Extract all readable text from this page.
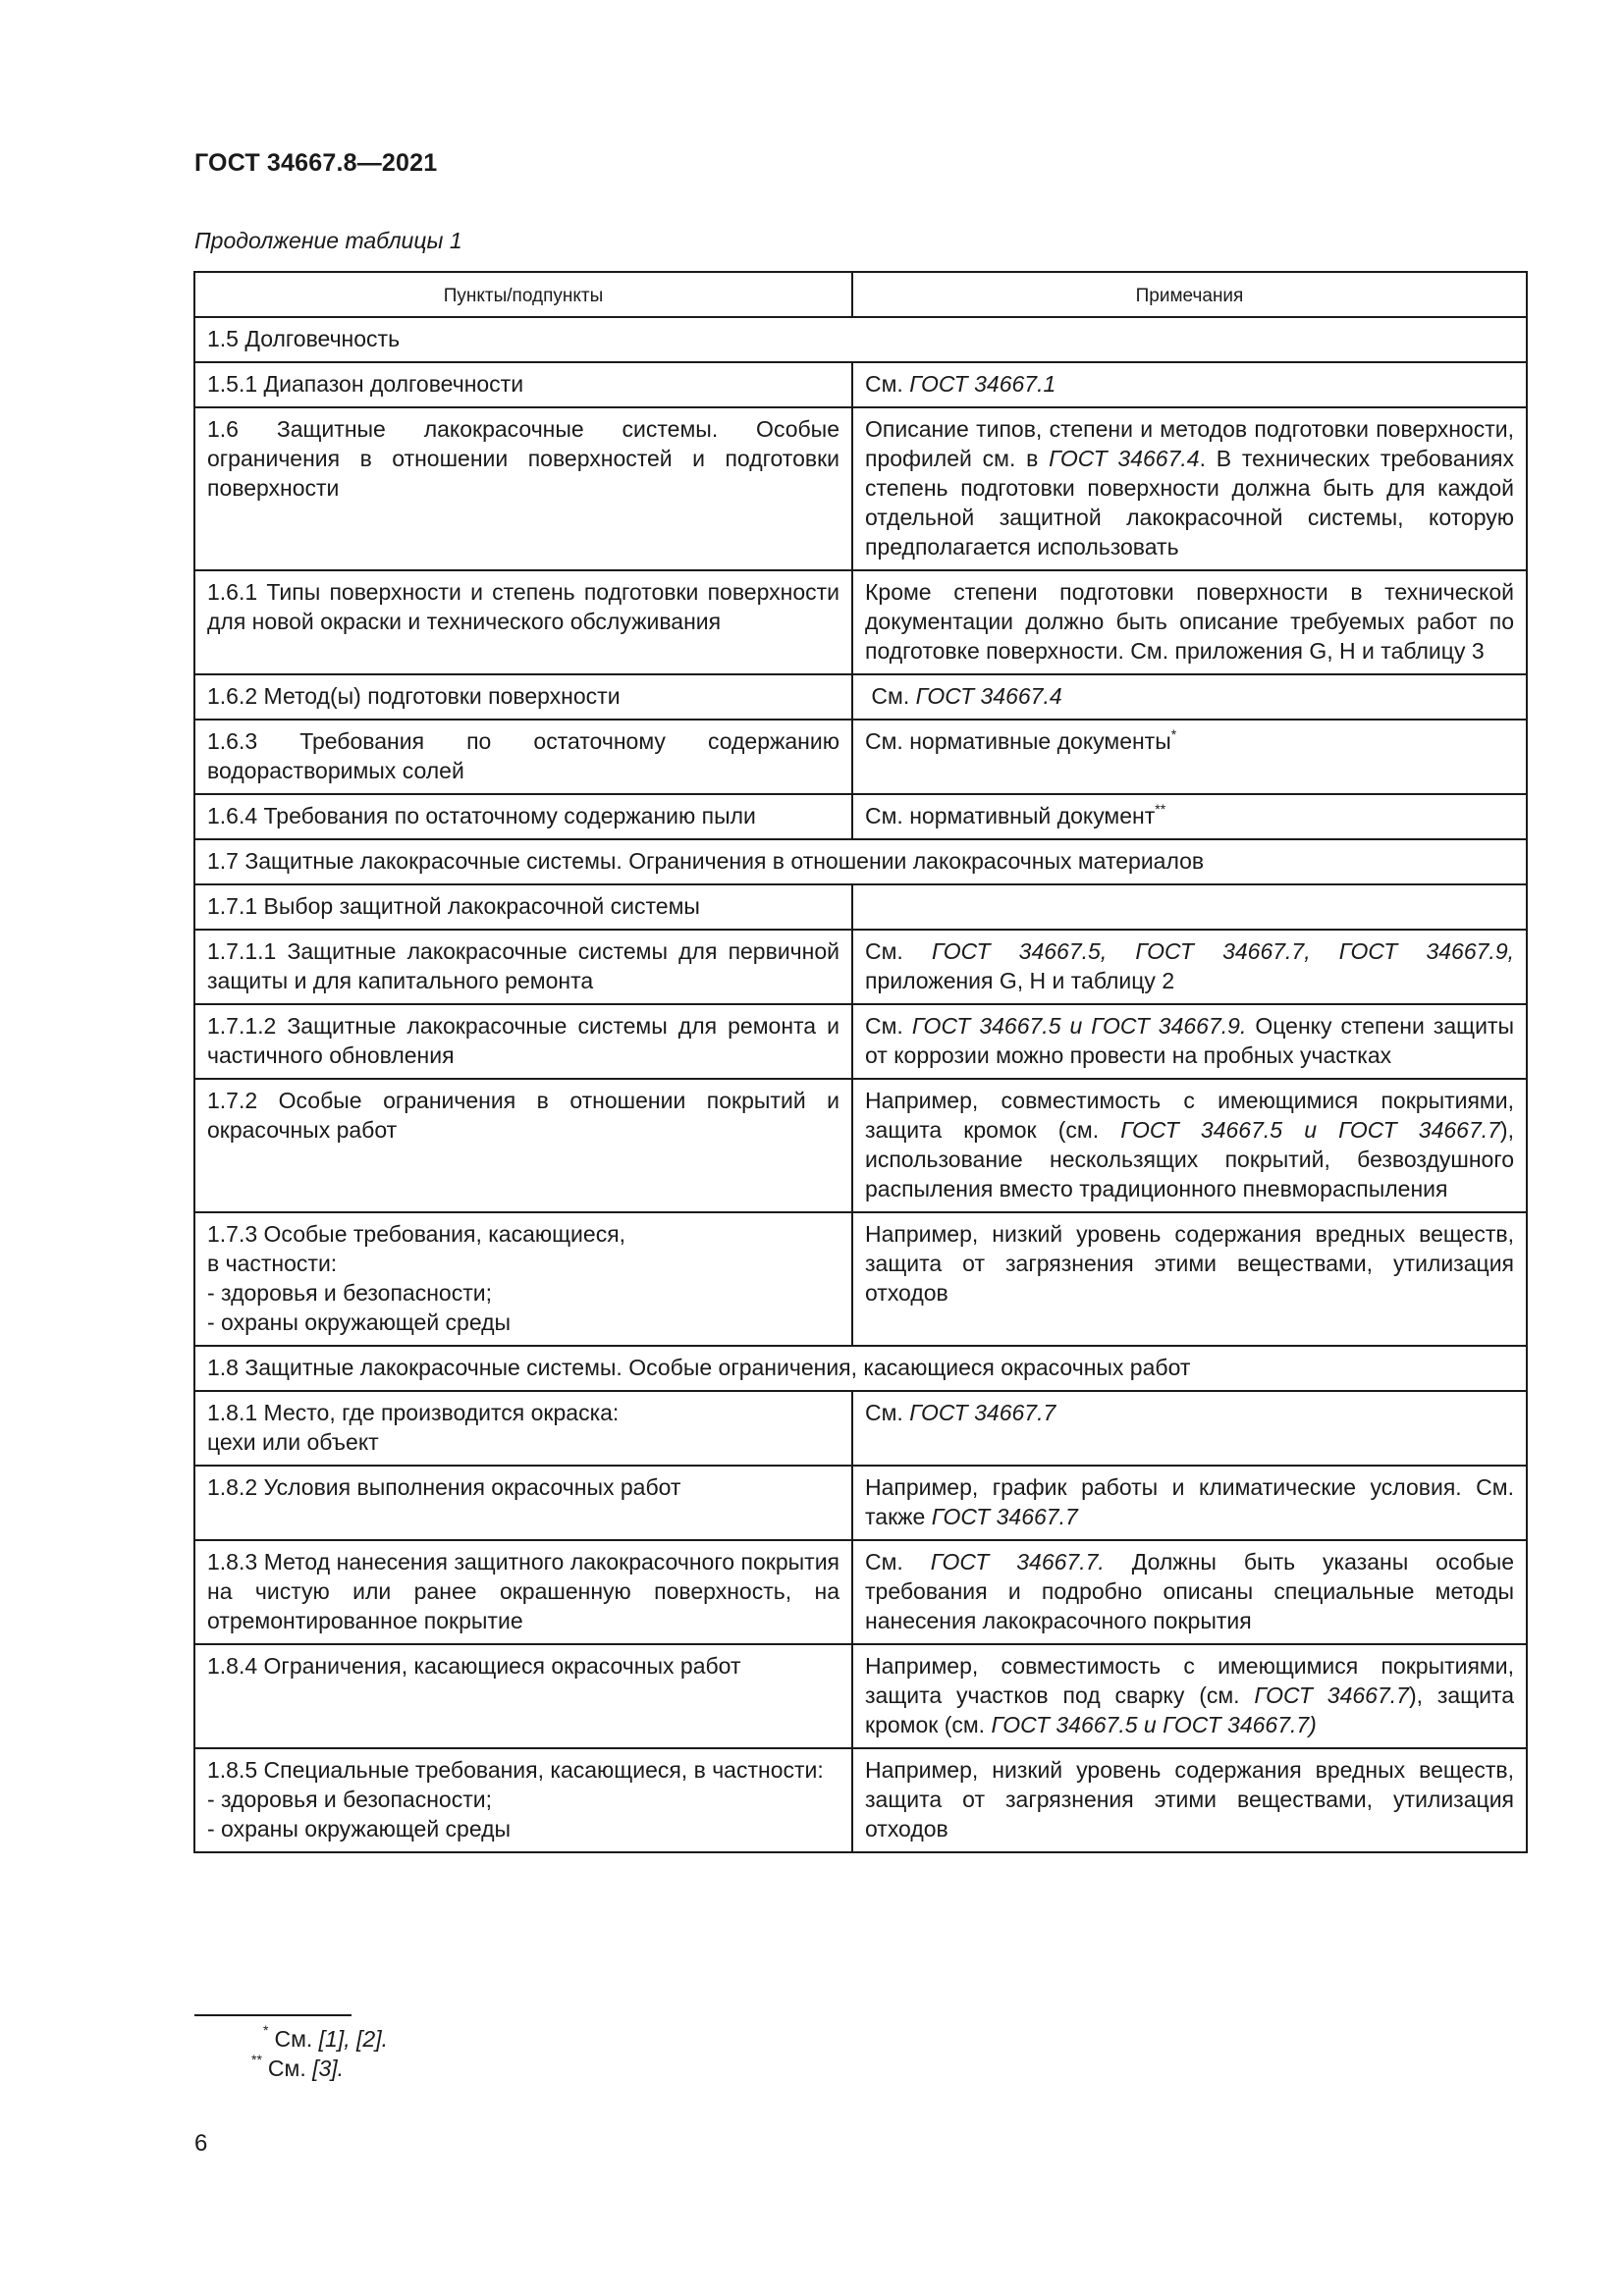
ГОСТ 34667.8—2021
Продолжение таблицы 1
Пункты/подпункты	Примечания
1.5 Долговечность	
1.5.1 Диапазон долговечности	См. ГОСТ 34667.1
1.6 Защитные лакокрасочные системы. Особые ограничения в отношении поверхностей и подготовки поверхности	Описание типов, степени и методов подготовки поверхности, профилей см. в ГОСТ 34667.4. В технических требованиях степень подготовки поверхности должна быть для каждой отдельной защитной лакокрасочной системы, которую предполагается использовать
1.6.1 Типы поверхности и степень подготовки поверхности для новой окраски и технического обслуживания	Кроме степени подготовки поверхности в технической документации должно быть описание требуемых работ по подготовке поверхности. См. приложения G, H и таблицу 3
1.6.2 Метод(ы) подготовки поверхности	См. ГОСТ 34667.4
1.6.3 Требования по остаточному содержанию водорастворимых солей	См. нормативные документы*
1.6.4 Требования по остаточному содержанию пыли	См. нормативный документ**
1.7 Защитные лакокрасочные системы. Ограничения в отношении лакокрасочных материалов	
1.7.1 Выбор защитной лакокрасочной системы	
1.7.1.1 Защитные лакокрасочные системы для первичной защиты и для капитального ремонта	См. ГОСТ 34667.5, ГОСТ 34667.7, ГОСТ 34667.9, приложения G, H и таблицу 2
1.7.1.2 Защитные лакокрасочные системы для ремонта и частичного обновления	См. ГОСТ 34667.5 и ГОСТ 34667.9. Оценку степени защиты от коррозии можно провести на пробных участках
1.7.2 Особые ограничения в отношении покрытий и окрасочных работ	Например, совместимость с имеющимися покрытиями, защита кромок (см. ГОСТ 34667.5 и ГОСТ 34667.7), использование нескользящих покрытий, безвоздушного распыления вместо традиционного пневмораспыления

1.7.3 Особые требования, касающиеся,
в частности:
- здоровья и безопасности;
- охраны окружающей среды	Например, низкий уровень содержания вредных веществ, защита от загрязнения этими веществами, утилизация отходов
1.8 Защитные лакокрасочные системы. Особые ограничения, касающиеся окрасочных работ	

1.8.1 Место, где производится окраска:
цехи или объект	См. ГОСТ 34667.7
1.8.2 Условия выполнения окрасочных работ	Например, график работы и климатические условия. См. также ГОСТ 34667.7
1.8.3 Метод нанесения защитного лакокрасочного покрытия на чистую или ранее окрашенную поверхность, на отремонтированное покрытие	См. ГОСТ 34667.7. Должны быть указаны особые требования и подробно описаны специальные методы нанесения лакокрасочного покрытия
1.8.4 Ограничения, касающиеся окрасочных работ	Например, совместимость с имеющимися покрытиями, защита участков под сварку (см. ГОСТ 34667.7), защита кромок (см. ГОСТ 34667.5 и ГОСТ 34667.7)

1.8.5 Специальные требования, касающиеся, в частности:
- здоровья и безопасности;
- охраны окружающей среды	Например, низкий уровень содержания вредных веществ, защита от загрязнения этими веществами, утилизация отходов
* См. [1], [2].
** См. [3].
6
